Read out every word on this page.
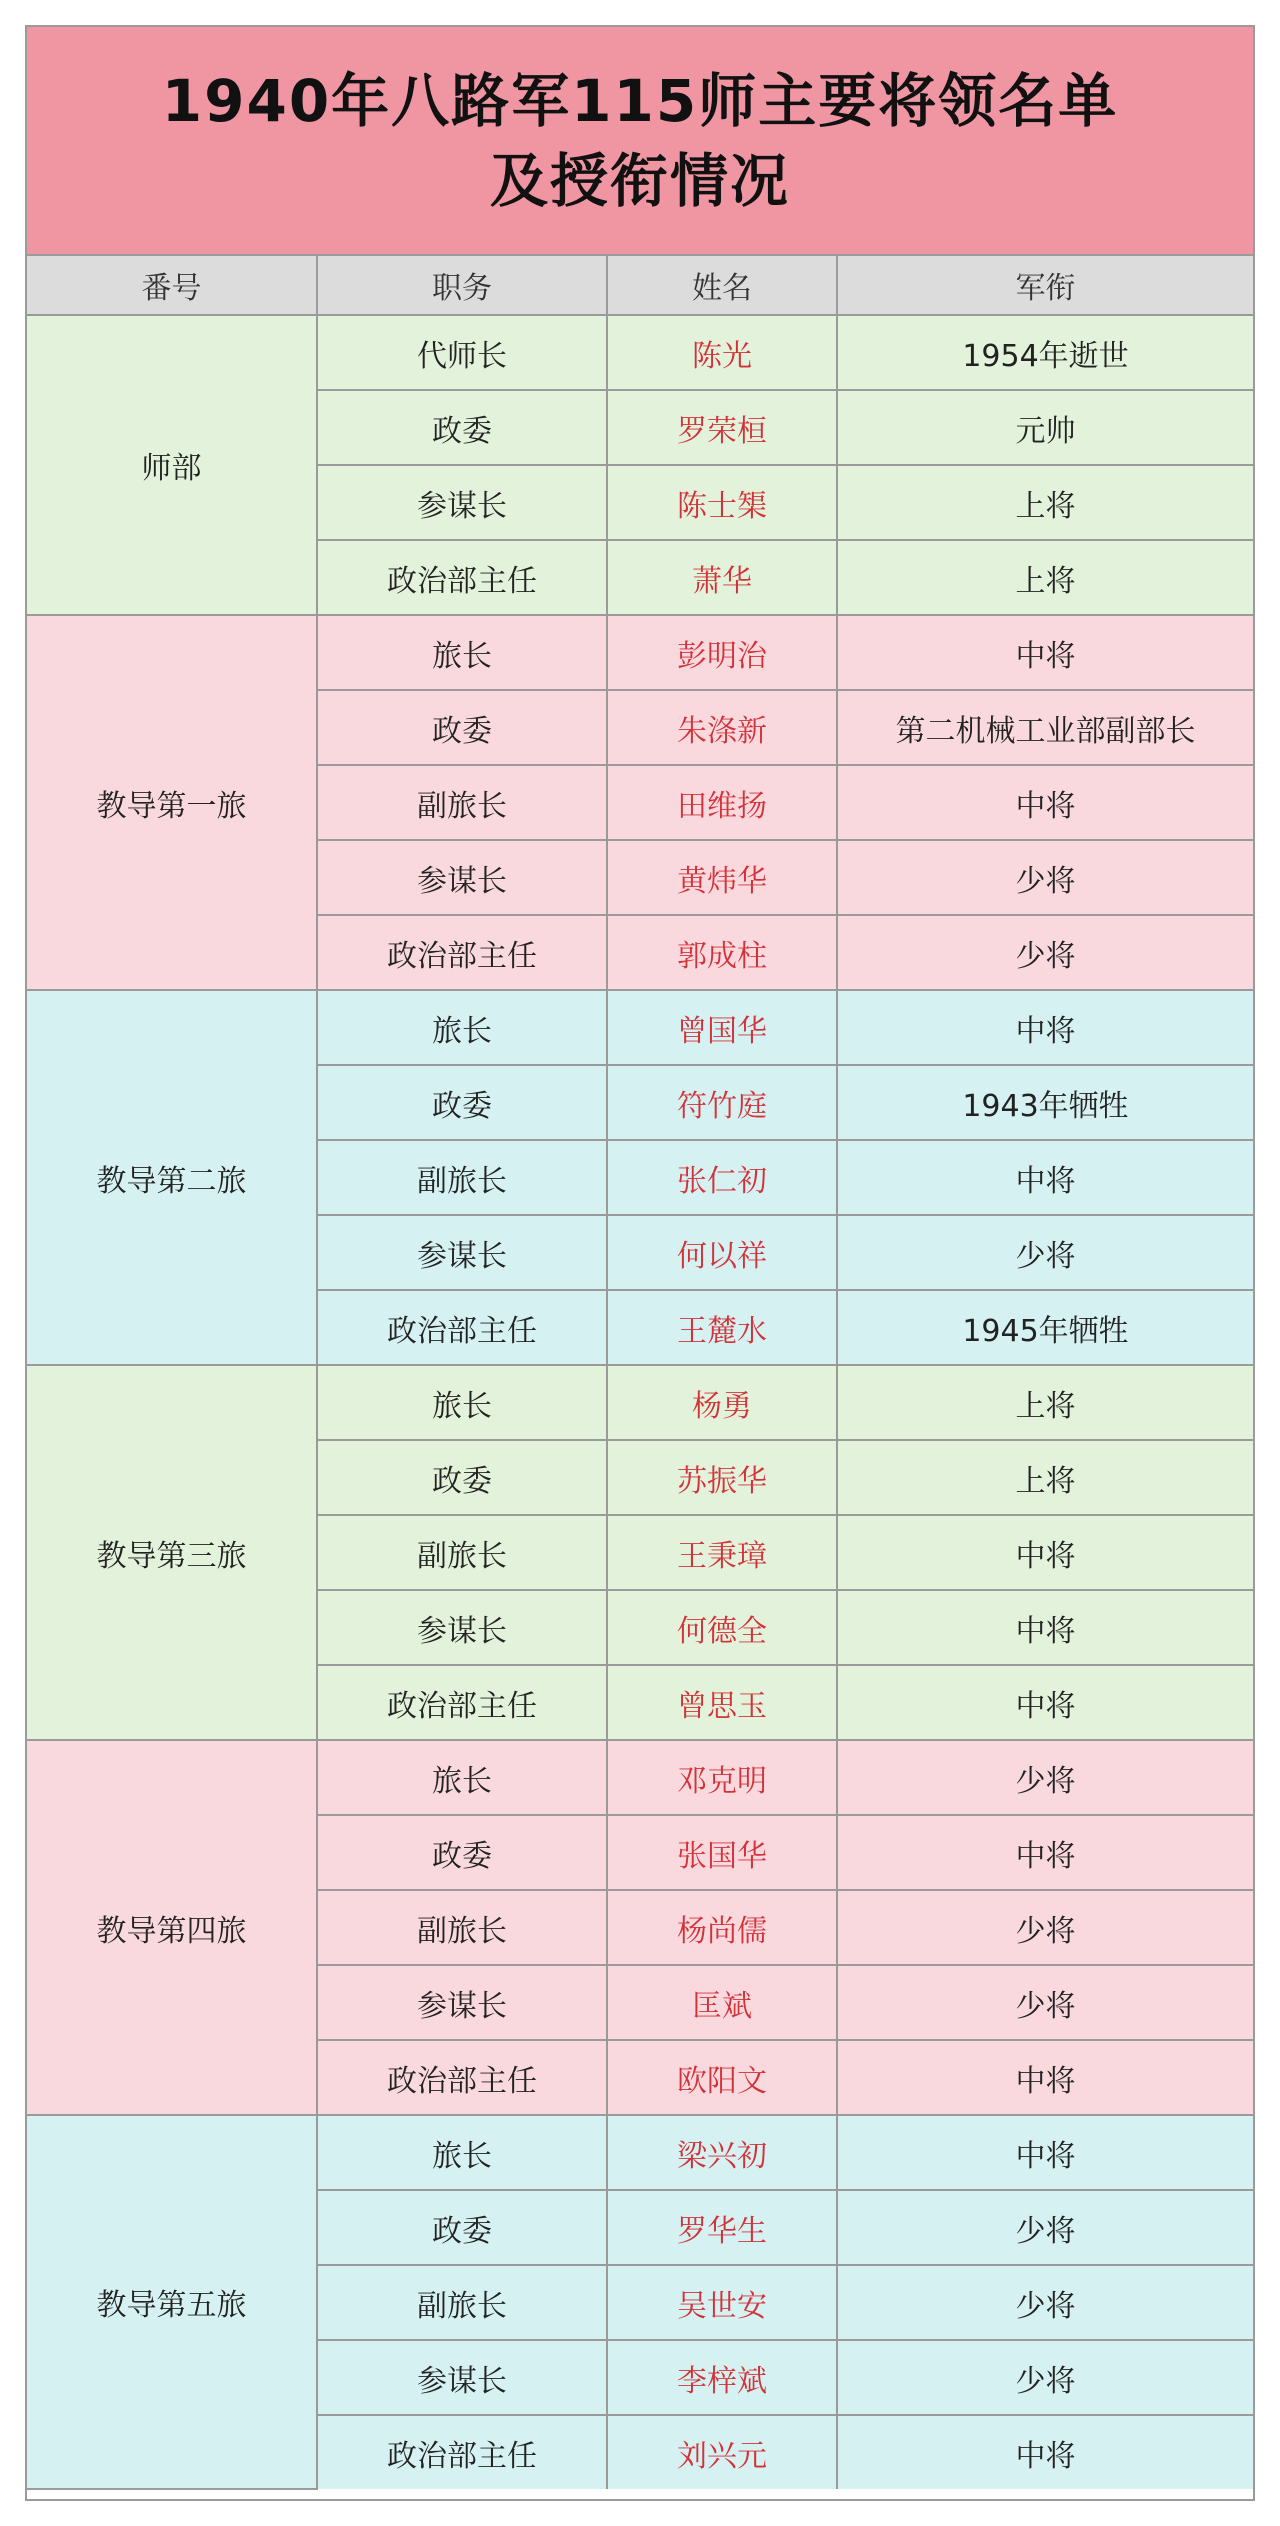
1940年八路军115师主要将领名单及授衔情况
番号	职务	姓名	军衔
师部	代师长	陈光	1954年逝世
	政委	罗荣桓	元帅
	参谋长	陈士榘	上将
	政治部主任	萧华	上将
教导第一旅	旅长	彭明治	中将
	政委	朱涤新	第二机械工业部副部长
	副旅长	田维扬	中将
	参谋长	黄炜华	少将
	政治部主任	郭成柱	少将
教导第二旅	旅长	曾国华	中将
	政委	符竹庭	1943年牺牲
	副旅长	张仁初	中将
	参谋长	何以祥	少将
	政治部主任	王麓水	1945年牺牲
教导第三旅	旅长	杨勇	上将
	政委	苏振华	上将
	副旅长	王秉璋	中将
	参谋长	何德全	中将
	政治部主任	曾思玉	中将
教导第四旅	旅长	邓克明	少将
	政委	张国华	中将
	副旅长	杨尚儒	少将
	参谋长	匡斌	少将
	政治部主任	欧阳文	中将
教导第五旅	旅长	梁兴初	中将
	政委	罗华生	少将
	副旅长	吴世安	少将
	参谋长	李梓斌	少将
	政治部主任	刘兴元	中将
